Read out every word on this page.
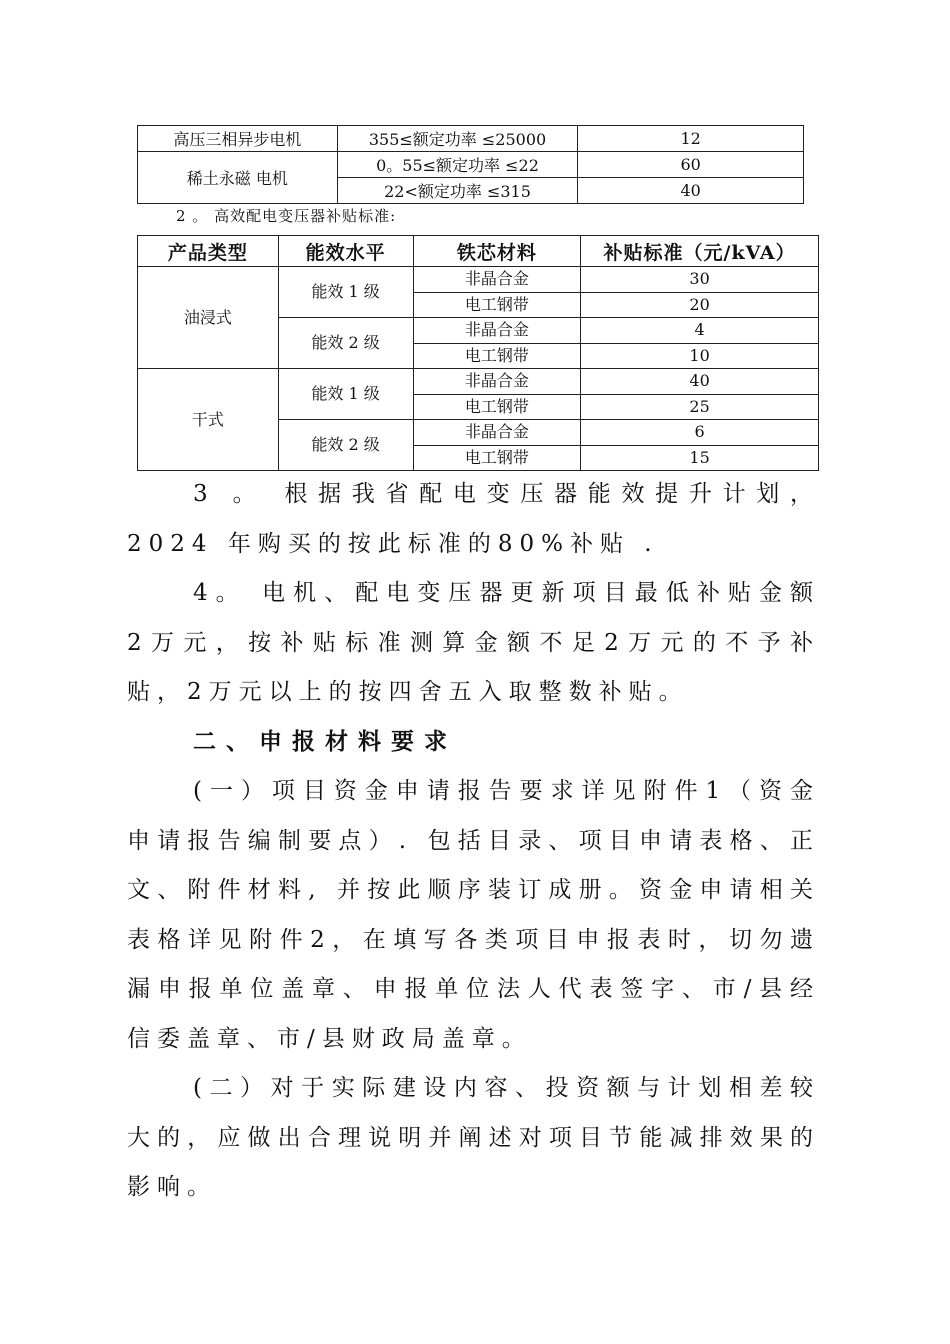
高压三相异步电机	355≤额定功率 ≤25000	12
稀土永磁 电机	0。55≤额定功率 ≤22	60
	22<额定功率 ≤315	40
2 。 高效配电变压器补贴标准:
产品类型	能效水平	铁芯材料	补贴标准（元/kVA）
油浸式	能效 1 级	非晶合金	30
		电工钢带	20
	能效 2 级	非晶合金	4
		电工钢带	10
干式	能效 1 级	非晶合金	40
		电工钢带	25
	能效 2 级	非晶合金	6
		电工钢带	15

3 。 根据我省配电变压器能效提升计划，2024 年购买的按此标准的80%补贴 .

4。 电机、配电变压器更新项目最低补贴金额2万元，按补贴标准测算金额不足2万元的不予补贴，2万元以上的按四舍五入取整数补贴。

二、申报材料要求

(一）项目资金申请报告要求详见附件1（资金申请报告编制要点）. 包括目录、项目申请表格、正文、附件材料, 并按此顺序装订成册。资金申请相关表格详见附件2，在填写各类项目申报表时，切勿遗漏申报单位盖章、申报单位法人代表签字、市/县经信委盖章、市/县财政局盖章。

(二）对于实际建设内容、投资额与计划相差较大的，应做出合理说明并阐述对项目节能减排效果的影响。
